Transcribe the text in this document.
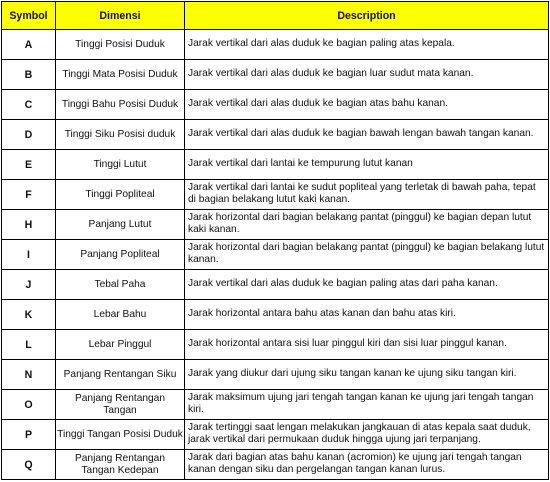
Symbol	Dimensi	Description
A	Tinggi Posisi Duduk	Jarak vertikal dari alas duduk ke bagian paling atas kepala.
B	Tinggi Mata Posisi Duduk	Jarak vertikal dari alas duduk ke bagian luar sudut mata kanan.
C	Tinggi Bahu Posisi Duduk	Jarak vertikal dari alas duduk ke bagian atas bahu kanan.
D	Tinggi Siku Posisi duduk	Jarak vertikal dari alas duduk ke bagian bawah lengan bawah tangan kanan.
E	Tinggi Lutut	Jarak vertikal dari lantai ke tempurung lutut kanan
F	Tinggi Popliteal	Jarak vertikal dari lantai ke sudut popliteal yang terletak di bawah paha, tepat di bagian belakang lutut kaki kanan.
H	Panjang Lutut	Jarak horizontal dari bagian belakang pantat (pinggul) ke bagian depan lutut kaki kanan.
I	Panjang Popliteal	Jarak horizontal dari bagian belakang pantat (pinggul) ke bagian belakang lutut kanan.
J	Tebal Paha	Jarak vertikal dari alas duduk ke bagian paling atas dari paha kanan.
K	Lebar Bahu	Jarak horizontal antara bahu atas kanan dan bahu atas kiri.
L	Lebar Pinggul	Jarak horizontal antara sisi luar pinggul kiri dan sisi luar pinggul kanan.
N	Panjang Rentangan Siku	Jarak yang diukur dari ujung siku tangan kanan ke ujung siku tangan kiri.
O	Panjang Rentangan Tangan	Jarak maksimum ujung jari tengah tangan kanan ke ujung jari tengah tangan kiri.
P	Tinggi Tangan Posisi Duduk	Jarak tertinggi saat lengan melakukan jangkauan di atas kepala saat duduk, jarak vertikal dari permukaan duduk hingga ujung jari terpanjang.
Q	Panjang Rentangan Tangan Kedepan	Jarak dari bagian atas bahu kanan (acromion) ke ujung jari tengah tangan kanan dengan siku dan pergelangan tangan kanan lurus.
